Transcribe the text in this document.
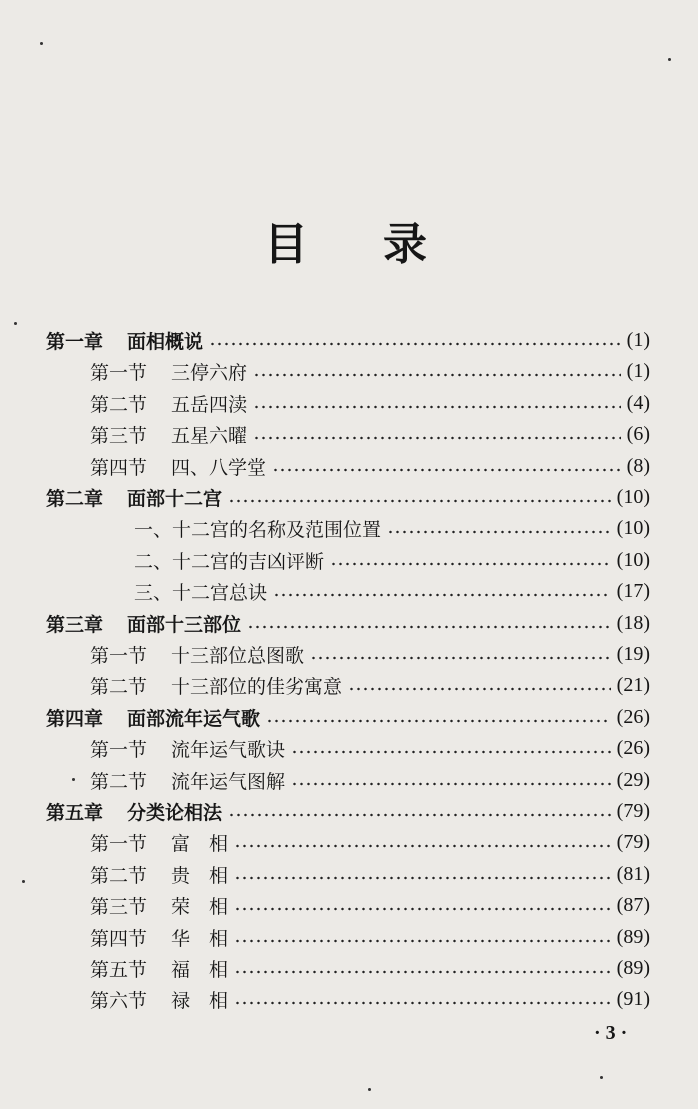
目 录
第一章 面相概说	(1)
第一节 三停六府	(1)
第二节 五岳四渎	(4)
第三节 五星六曜	(6)
第四节 四、八学堂	(8)
第二章 面部十二宫	(10)
一、十二宫的名称及范围位置	(10)
二、十二宫的吉凶评断	(10)
三、十二宫总诀	(17)
第三章 面部十三部位	(18)
第一节 十三部位总图歌	(19)
第二节 十三部位的佳劣寓意	(21)
第四章 面部流年运气歌	(26)
第一节 流年运气歌诀	(26)
第二节 流年运气图解	(29)
第五章 分类论相法	(79)
第一节 富　相	(79)
第二节 贵　相	(81)
第三节 荣　相	(87)
第四节 华　相	(89)
第五节 福　相	(89)
第六节 禄　相	(91)
· 3 ·
